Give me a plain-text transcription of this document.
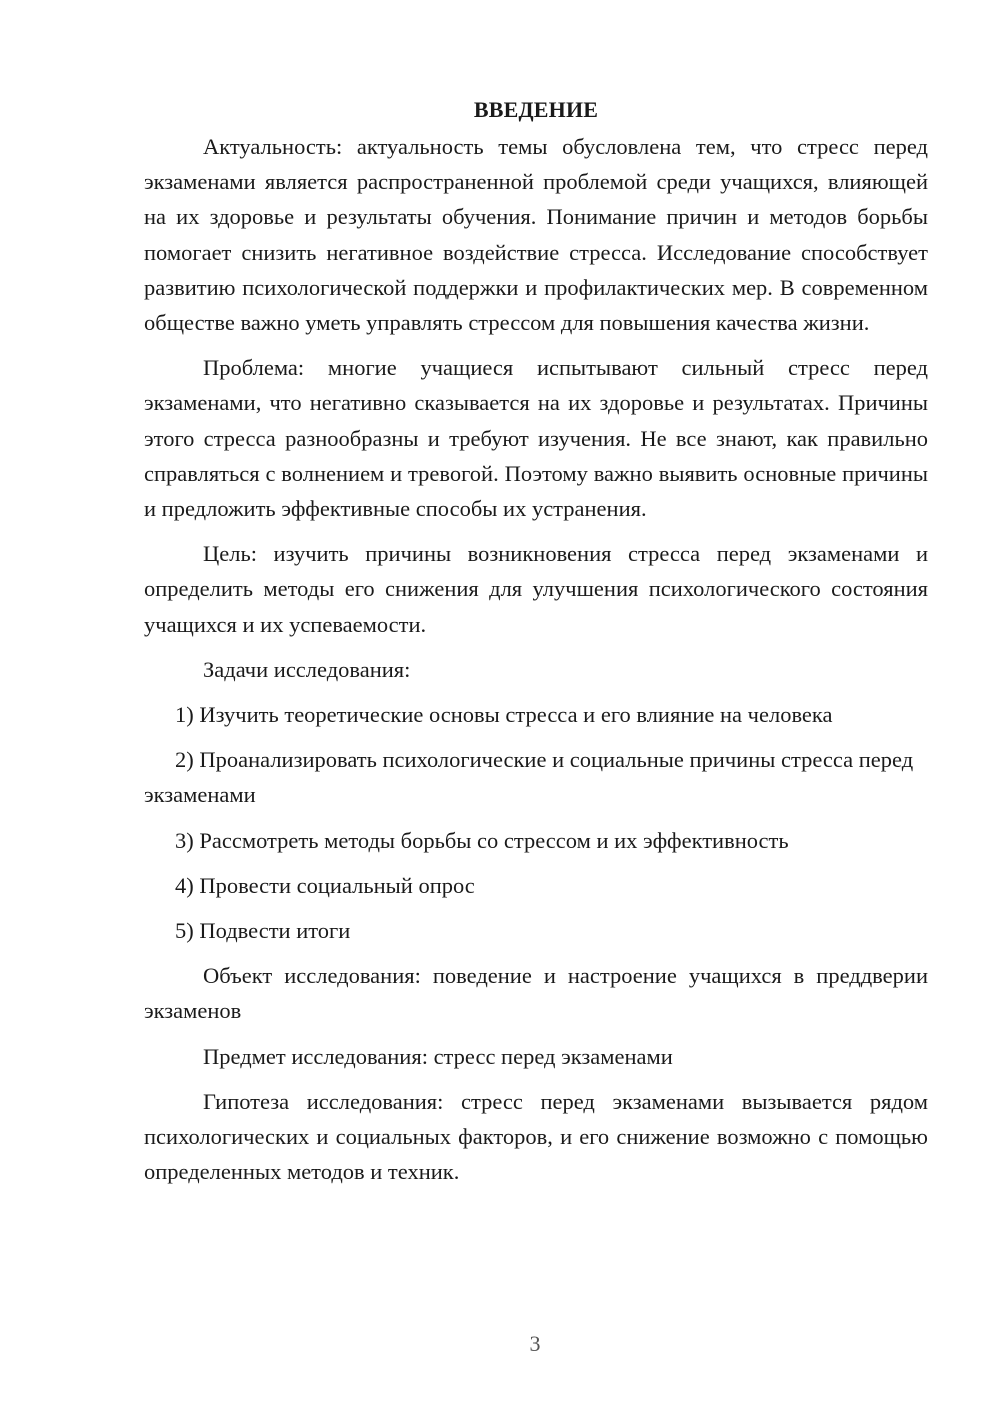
ВВЕДЕНИЕ

Актуальность: актуальность темы обусловлена тем, что стресс перед экзаменами является распространенной проблемой среди учащихся, влияющей на их здоровье и результаты обучения. Понимание причин и методов борьбы помогает снизить негативное воздействие стресса. Исследование способствует развитию психологической поддержки и профилактических мер. В современном обществе важно уметь управлять стрессом для повышения качества жизни.

Проблема: многие учащиеся испытывают сильный стресс перед экзаменами, что негативно сказывается на их здоровье и результатах. Причины этого стресса разнообразны и требуют изучения. Не все знают, как правильно справляться с волнением и тревогой. Поэтому важно выявить основные причины и предложить эффективные способы их устранения.

Цель: изучить причины возникновения стресса перед экзаменами и определить методы его снижения для улучшения психологического состояния учащихся и их успеваемости.

Задачи исследования:

1) Изучить теоретические основы стресса и его влияние на человека

2) Проанализировать психологические и социальные причины стресса перед экзаменами

3) Рассмотреть методы борьбы со стрессом и их эффективность

4) Провести социальный опрос

5) Подвести итоги

Объект исследования: поведение и настроение учащихся в преддверии экзаменов

Предмет исследования: стресс перед экзаменами

Гипотеза исследования: стресс перед экзаменами вызывается рядом психологических и социальных факторов, и его снижение возможно с помощью определенных методов и техник.

3
